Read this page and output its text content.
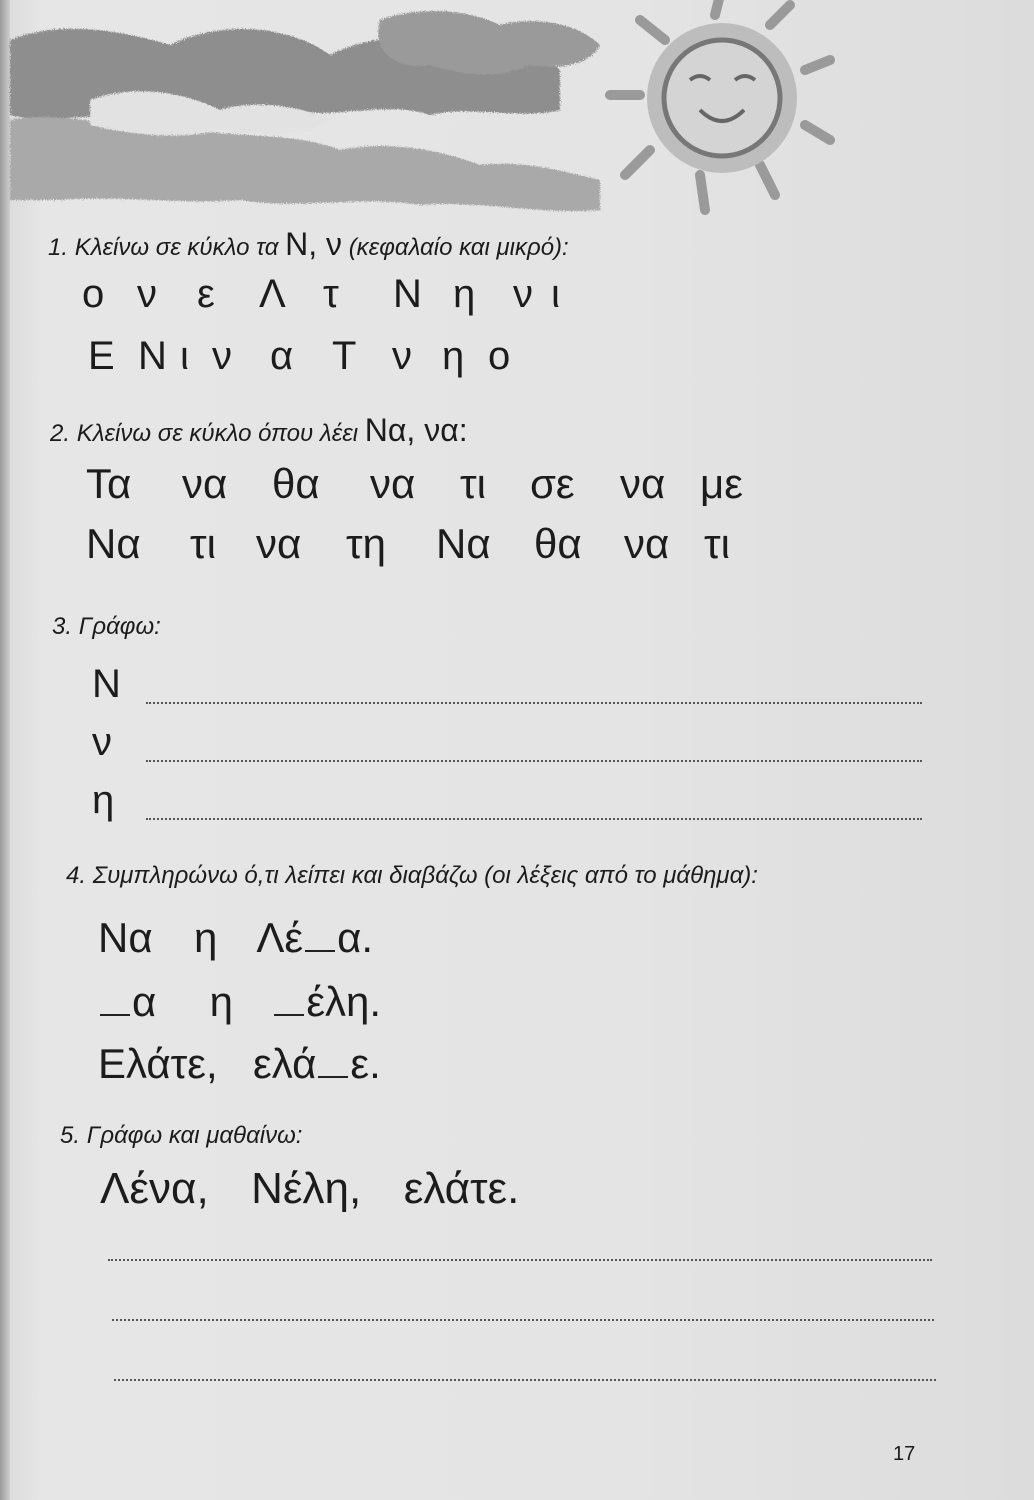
1. Κλείνω σε κύκλο τα Ν, ν (κεφαλαίο και μικρό):
ο ν ε Λ τ Ν η ν ι
Ε Ν ι ν α Τ ν η ο
2. Κλείνω σε κύκλο όπου λέει Να, να:
Τα να θα να τι σε να με
Να τι να τη Να θα να τι
3. Γράφω:
Ν
ν
η
4. Συμπληρώνω ό,τι λείπει και διαβάζω (οι λέξεις από το μάθημα):
Να η Λέ α.
α η έλη.
Ελάτε, ελά ε.
5. Γράφω και μαθαίνω:
Λένα, Νέλη, ελάτε.
17
